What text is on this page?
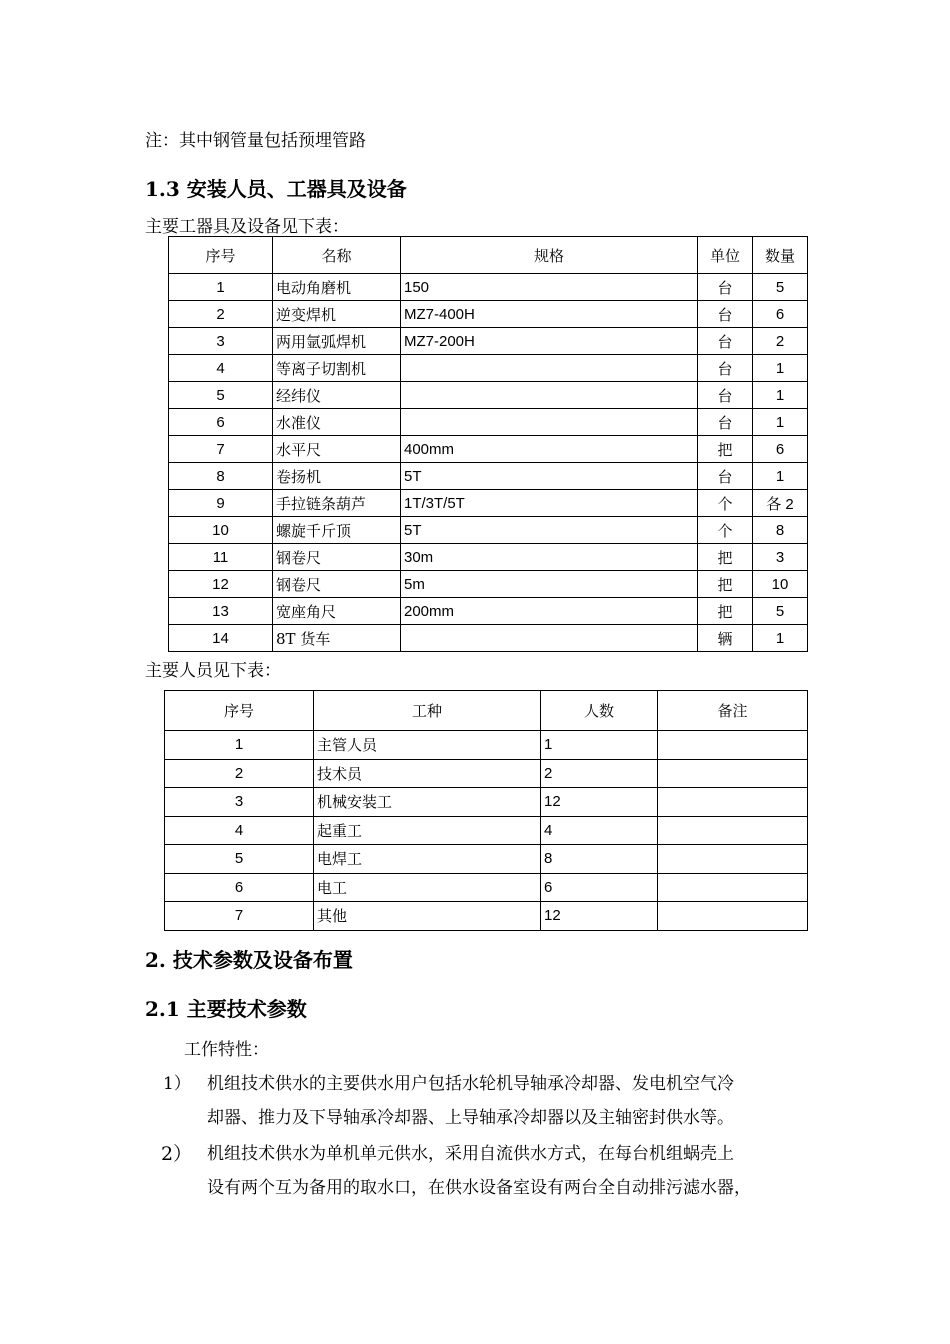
注：其中钢管量包括预埋管路
1.3 安装人员、工器具及设备
主要工器具及设备见下表：
序号	名称	规格	单位	数量
1	电动角磨机	150	台	5
2	逆变焊机	MZ7-400H	台	6
3	两用氩弧焊机	MZ7-200H	台	2
4	等离子切割机		台	1
5	经纬仪		台	1
6	水准仪		台	1
7	水平尺	400mm	把	6
8	卷扬机	5T	台	1
9	手拉链条葫芦	1T/3T/5T	个	各 2
10	螺旋千斤顶	5T	个	8
11	钢卷尺	30m	把	3
12	钢卷尺	5m	把	10
13	宽座角尺	200mm	把	5
14	8T 货车		辆	1
主要人员见下表：
序号	工种	人数	备注
1	主管人员	1	
2	技术员	2	
3	机械安装工	12	
4	起重工	4	
5	电焊工	8	
6	电工	6	
7	其他	12	
2. 技术参数及设备布置
2.1 主要技术参数
工作特性：
1） 机组技术供水的主要供水用户包括水轮机导轴承冷却器、发电机空气冷
却器、推力及下导轴承冷却器、上导轴承冷却器以及主轴密封供水等。
2） 机组技术供水为单机单元供水，采用自流供水方式，在每台机组蜗壳上
设有两个互为备用的取水口，在供水设备室设有两台全自动排污滤水器，
